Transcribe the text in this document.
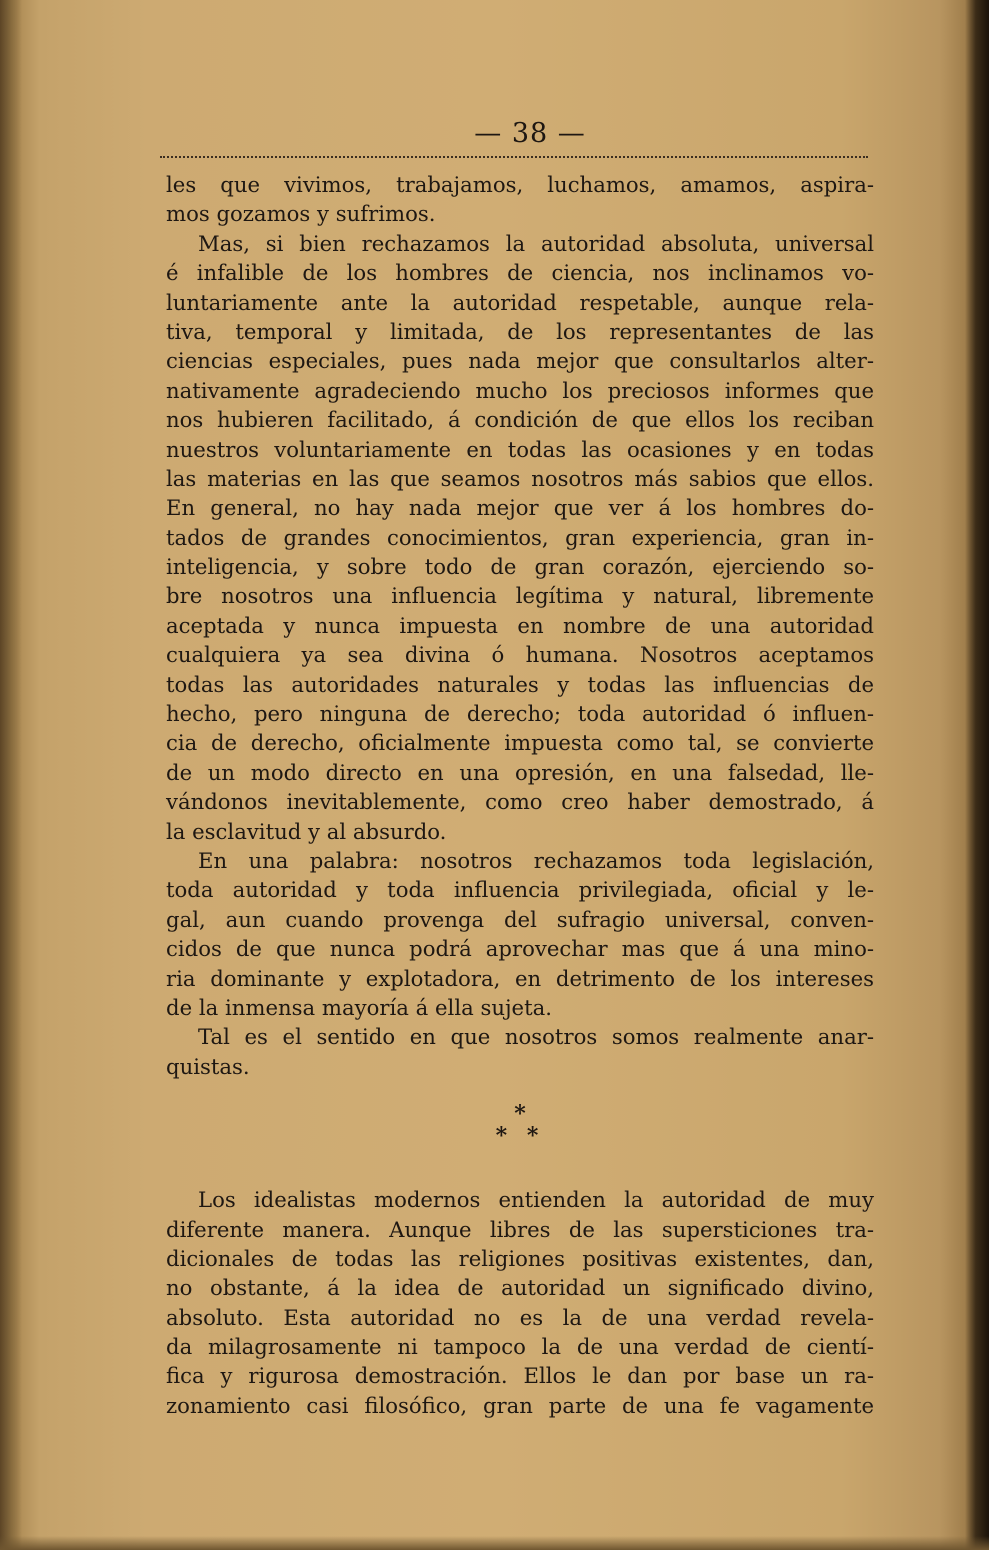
— 38 —
les que vivimos, trabajamos, luchamos, amamos, aspira-
mos gozamos y sufrimos.
Mas, si bien rechazamos la autoridad absoluta, universal
é infalible de los hombres de ciencia, nos inclinamos vo-
luntariamente ante la autoridad respetable, aunque rela-
tiva, temporal y limitada, de los representantes de las
ciencias especiales, pues nada mejor que consultarlos alter-
nativamente agradeciendo mucho los preciosos informes que
nos hubieren facilitado, á condición de que ellos los reciban
nuestros voluntariamente en todas las ocasiones y en todas
las materias en las que seamos nosotros más sabios que ellos.
En general, no hay nada mejor que ver á los hombres do-
tados de grandes conocimientos, gran experiencia, gran in-
inteligencia, y sobre todo de gran corazón, ejerciendo so-
bre nosotros una influencia legítima y natural, libremente
aceptada y nunca impuesta en nombre de una autoridad
cualquiera ya sea divina ó humana. Nosotros aceptamos
todas las autoridades naturales y todas las influencias de
hecho, pero ninguna de derecho; toda autoridad ó influen-
cia de derecho, oficialmente impuesta como tal, se convierte
de un modo directo en una opresión, en una falsedad, lle-
vándonos inevitablemente, como creo haber demostrado, á
la esclavitud y al absurdo.
En una palabra: nosotros rechazamos toda legislación,
toda autoridad y toda influencia privilegiada, oficial y le-
gal, aun cuando provenga del sufragio universal, conven-
cidos de que nunca podrá aprovechar mas que á una mino-
ria dominante y explotadora, en detrimento de los intereses
de la inmensa mayoría á ella sujeta.
Tal es el sentido en que nosotros somos realmente anar-
quistas.
*
* *
Los idealistas modernos entienden la autoridad de muy
diferente manera. Aunque libres de las supersticiones tra-
dicionales de todas las religiones positivas existentes, dan,
no obstante, á la idea de autoridad un significado divino,
absoluto. Esta autoridad no es la de una verdad revela-
da milagrosamente ni tampoco la de una verdad de cientí-
fica y rigurosa demostración. Ellos le dan por base un ra-
zonamiento casi filosófico, gran parte de una fe vagamente
